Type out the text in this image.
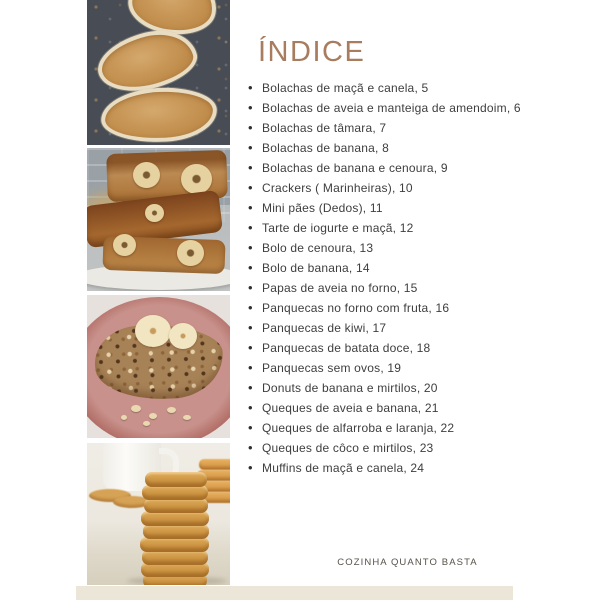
ÍNDICE
• Bolachas de maçã e canela, 5
• Bolachas de aveia e manteiga de amendoim, 6
• Bolachas de tâmara, 7
• Bolachas de banana, 8
• Bolachas de banana e cenoura, 9
• Crackers ( Marinheiras), 10
• Mini pães (Dedos), 11
• Tarte de iogurte e maçã, 12
• Bolo de cenoura, 13
• Bolo de banana, 14
• Papas de aveia no forno, 15
• Panquecas no forno com fruta, 16
• Panquecas de kiwi, 17
• Panquecas de batata doce, 18
• Panquecas sem ovos, 19
• Donuts de banana e mirtilos, 20
• Queques de aveia e banana, 21
• Queques de alfarroba e laranja, 22
• Queques de côco e mirtilos, 23
• Muffins de maçã e canela, 24
COZINHA QUANTO BASTA
